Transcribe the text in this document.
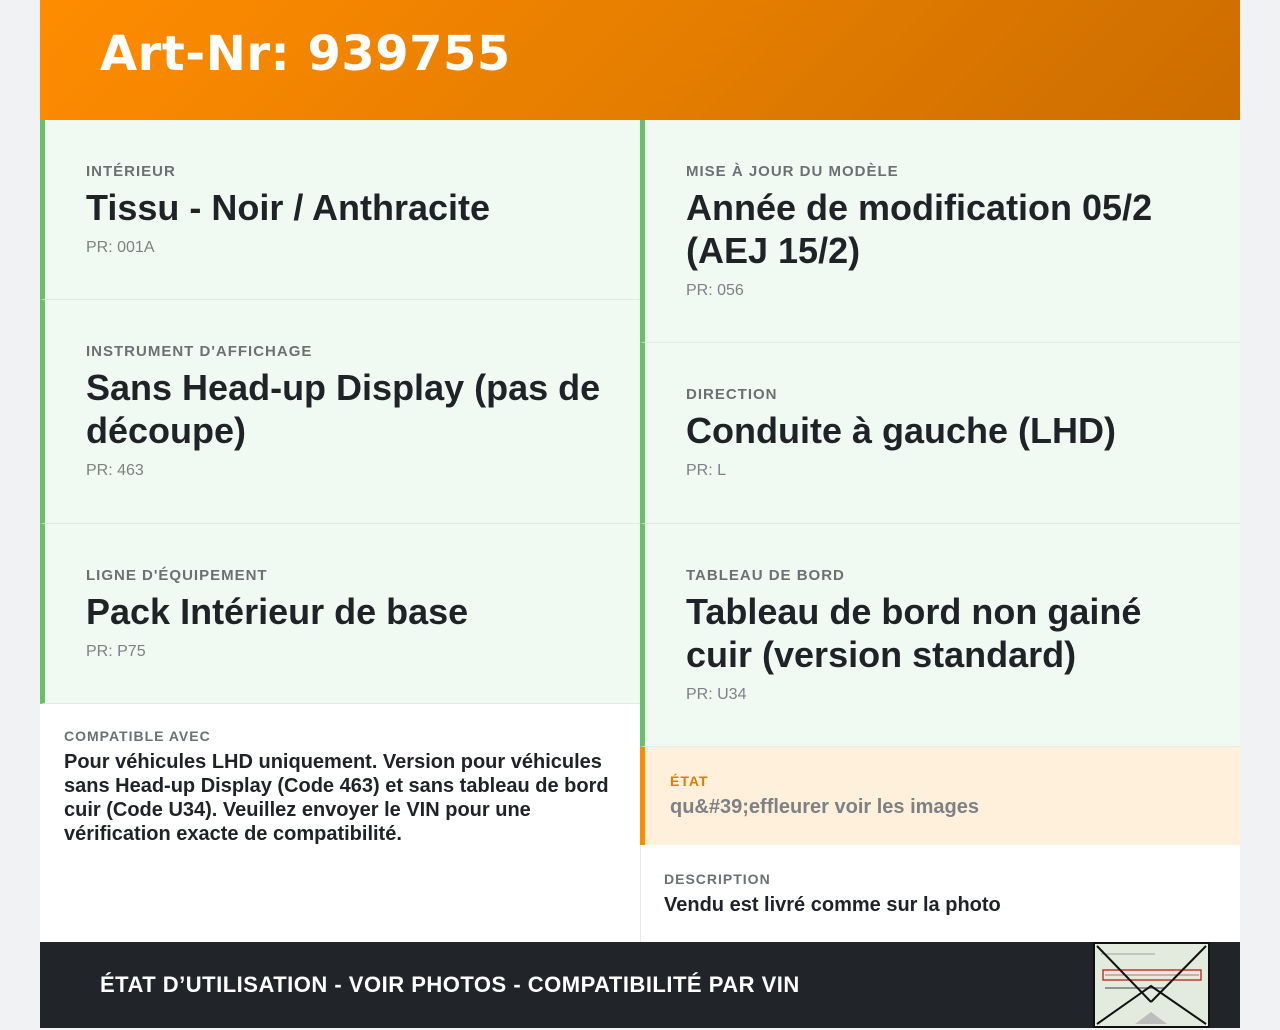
Art-Nr: 939755
INTÉRIEUR
Tissu - Noir / Anthracite
PR: 001A
INSTRUMENT D'AFFICHAGE
Sans Head-up Display (pas de découpe)
PR: 463
LIGNE D'ÉQUIPEMENT
Pack Intérieur de base
PR: P75
COMPATIBLE AVEC
Pour véhicules LHD uniquement. Version pour véhicules sans Head-up Display (Code 463) et sans tableau de bord cuir (Code U34). Veuillez envoyer le VIN pour une vérification exacte de compatibilité.
MISE À JOUR DU MODÈLE
Année de modification 05/2 (AEJ 15/2)
PR: 056
DIRECTION
Conduite à gauche (LHD)
PR: L
TABLEAU DE BORD
Tableau de bord non gainé cuir (version standard)
PR: U34
ÉTAT
qu&#39;effleurer voir les images
DESCRIPTION
Vendu est livré comme sur la photo
ÉTAT D’UTILISATION - VOIR PHOTOS - COMPATIBILITÉ PAR VIN
